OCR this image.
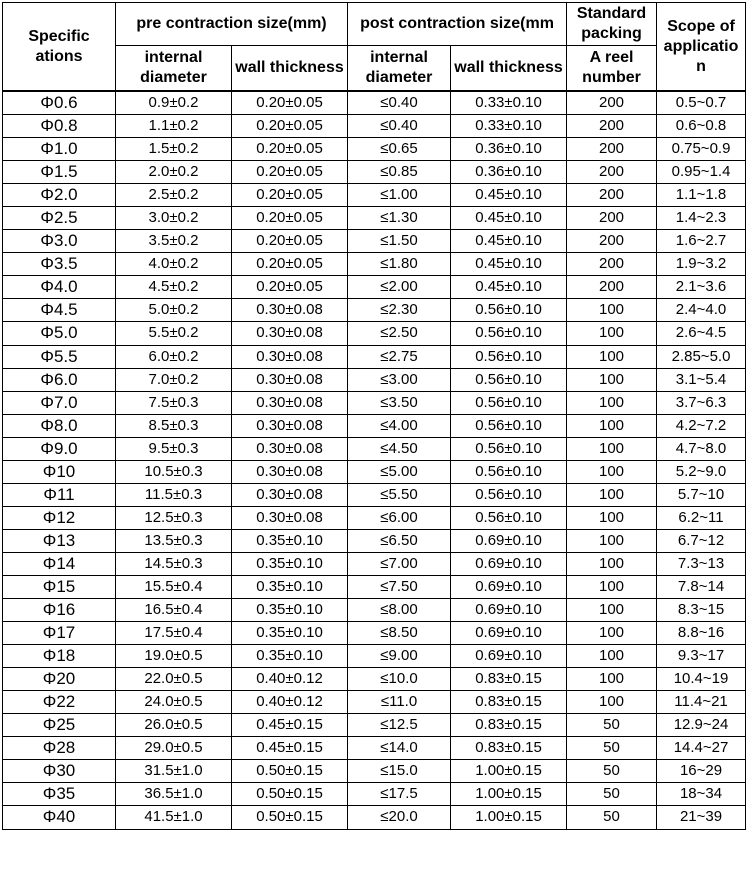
Specific ations	pre contraction size(mm)		post contraction size(mm		Standard packing	Scope of applicatio n
	internal diameter	wall thickness	internal diameter	wall thickness	A reel number	
Φ0.6	0.9±0.2	0.20±0.05	≤0.40	0.33±0.10	200	0.5~0.7
Φ0.8	1.1±0.2	0.20±0.05	≤0.40	0.33±0.10	200	0.6~0.8
Φ1.0	1.5±0.2	0.20±0.05	≤0.65	0.36±0.10	200	0.75~0.9
Φ1.5	2.0±0.2	0.20±0.05	≤0.85	0.36±0.10	200	0.95~1.4
Φ2.0	2.5±0.2	0.20±0.05	≤1.00	0.45±0.10	200	1.1~1.8
Φ2.5	3.0±0.2	0.20±0.05	≤1.30	0.45±0.10	200	1.4~2.3
Φ3.0	3.5±0.2	0.20±0.05	≤1.50	0.45±0.10	200	1.6~2.7
Φ3.5	4.0±0.2	0.20±0.05	≤1.80	0.45±0.10	200	1.9~3.2
Φ4.0	4.5±0.2	0.20±0.05	≤2.00	0.45±0.10	200	2.1~3.6
Φ4.5	5.0±0.2	0.30±0.08	≤2.30	0.56±0.10	100	2.4~4.0
Φ5.0	5.5±0.2	0.30±0.08	≤2.50	0.56±0.10	100	2.6~4.5
Φ5.5	6.0±0.2	0.30±0.08	≤2.75	0.56±0.10	100	2.85~5.0
Φ6.0	7.0±0.2	0.30±0.08	≤3.00	0.56±0.10	100	3.1~5.4
Φ7.0	7.5±0.3	0.30±0.08	≤3.50	0.56±0.10	100	3.7~6.3
Φ8.0	8.5±0.3	0.30±0.08	≤4.00	0.56±0.10	100	4.2~7.2
Φ9.0	9.5±0.3	0.30±0.08	≤4.50	0.56±0.10	100	4.7~8.0
Φ10	10.5±0.3	0.30±0.08	≤5.00	0.56±0.10	100	5.2~9.0
Φ11	11.5±0.3	0.30±0.08	≤5.50	0.56±0.10	100	5.7~10
Φ12	12.5±0.3	0.30±0.08	≤6.00	0.56±0.10	100	6.2~11
Φ13	13.5±0.3	0.35±0.10	≤6.50	0.69±0.10	100	6.7~12
Φ14	14.5±0.3	0.35±0.10	≤7.00	0.69±0.10	100	7.3~13
Φ15	15.5±0.4	0.35±0.10	≤7.50	0.69±0.10	100	7.8~14
Φ16	16.5±0.4	0.35±0.10	≤8.00	0.69±0.10	100	8.3~15
Φ17	17.5±0.4	0.35±0.10	≤8.50	0.69±0.10	100	8.8~16
Φ18	19.0±0.5	0.35±0.10	≤9.00	0.69±0.10	100	9.3~17
Φ20	22.0±0.5	0.40±0.12	≤10.0	0.83±0.15	100	10.4~19
Φ22	24.0±0.5	0.40±0.12	≤11.0	0.83±0.15	100	11.4~21
Φ25	26.0±0.5	0.45±0.15	≤12.5	0.83±0.15	50	12.9~24
Φ28	29.0±0.5	0.45±0.15	≤14.0	0.83±0.15	50	14.4~27
Φ30	31.5±1.0	0.50±0.15	≤15.0	1.00±0.15	50	16~29
Φ35	36.5±1.0	0.50±0.15	≤17.5	1.00±0.15	50	18~34
Φ40	41.5±1.0	0.50±0.15	≤20.0	1.00±0.15	50	21~39
